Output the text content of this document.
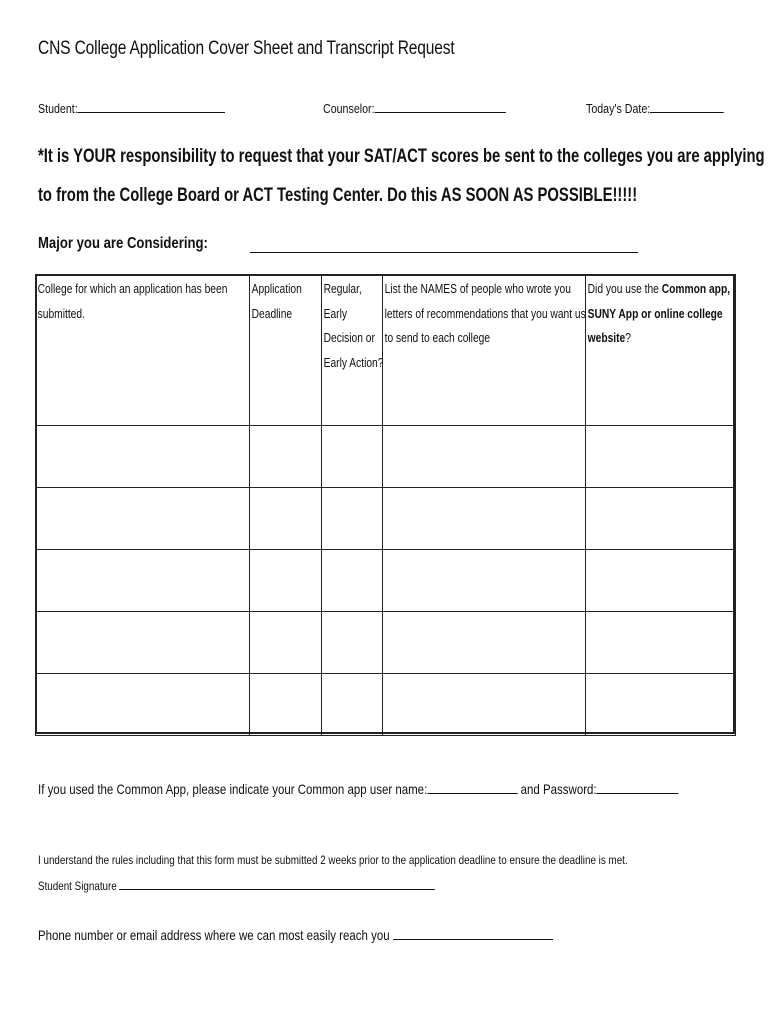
CNS College Application Cover Sheet and Transcript Request
Student:	Counselor:	Today's Date:
*It is YOUR responsibility to request that your SAT/ACT scores be sent to the colleges you are applying
to from the College Board or ACT Testing Center. Do this AS SOON AS POSSIBLE!!!!!
Major you are Considering:
College for which an application has been submitted.	Application Deadline	Regular, Early Decision or Early Action?	List the NAMES of people who wrote you letters of recommendations that you want us to send to each college	Did you use the Common app, SUNY App or online college website?

If you used the Common App, please indicate your Common app user name:	and Password:
I understand the rules including that this form must be submitted 2 weeks prior to the application deadline to ensure the deadline is met.
Student Signature
Phone number or email address where we can most easily reach you
